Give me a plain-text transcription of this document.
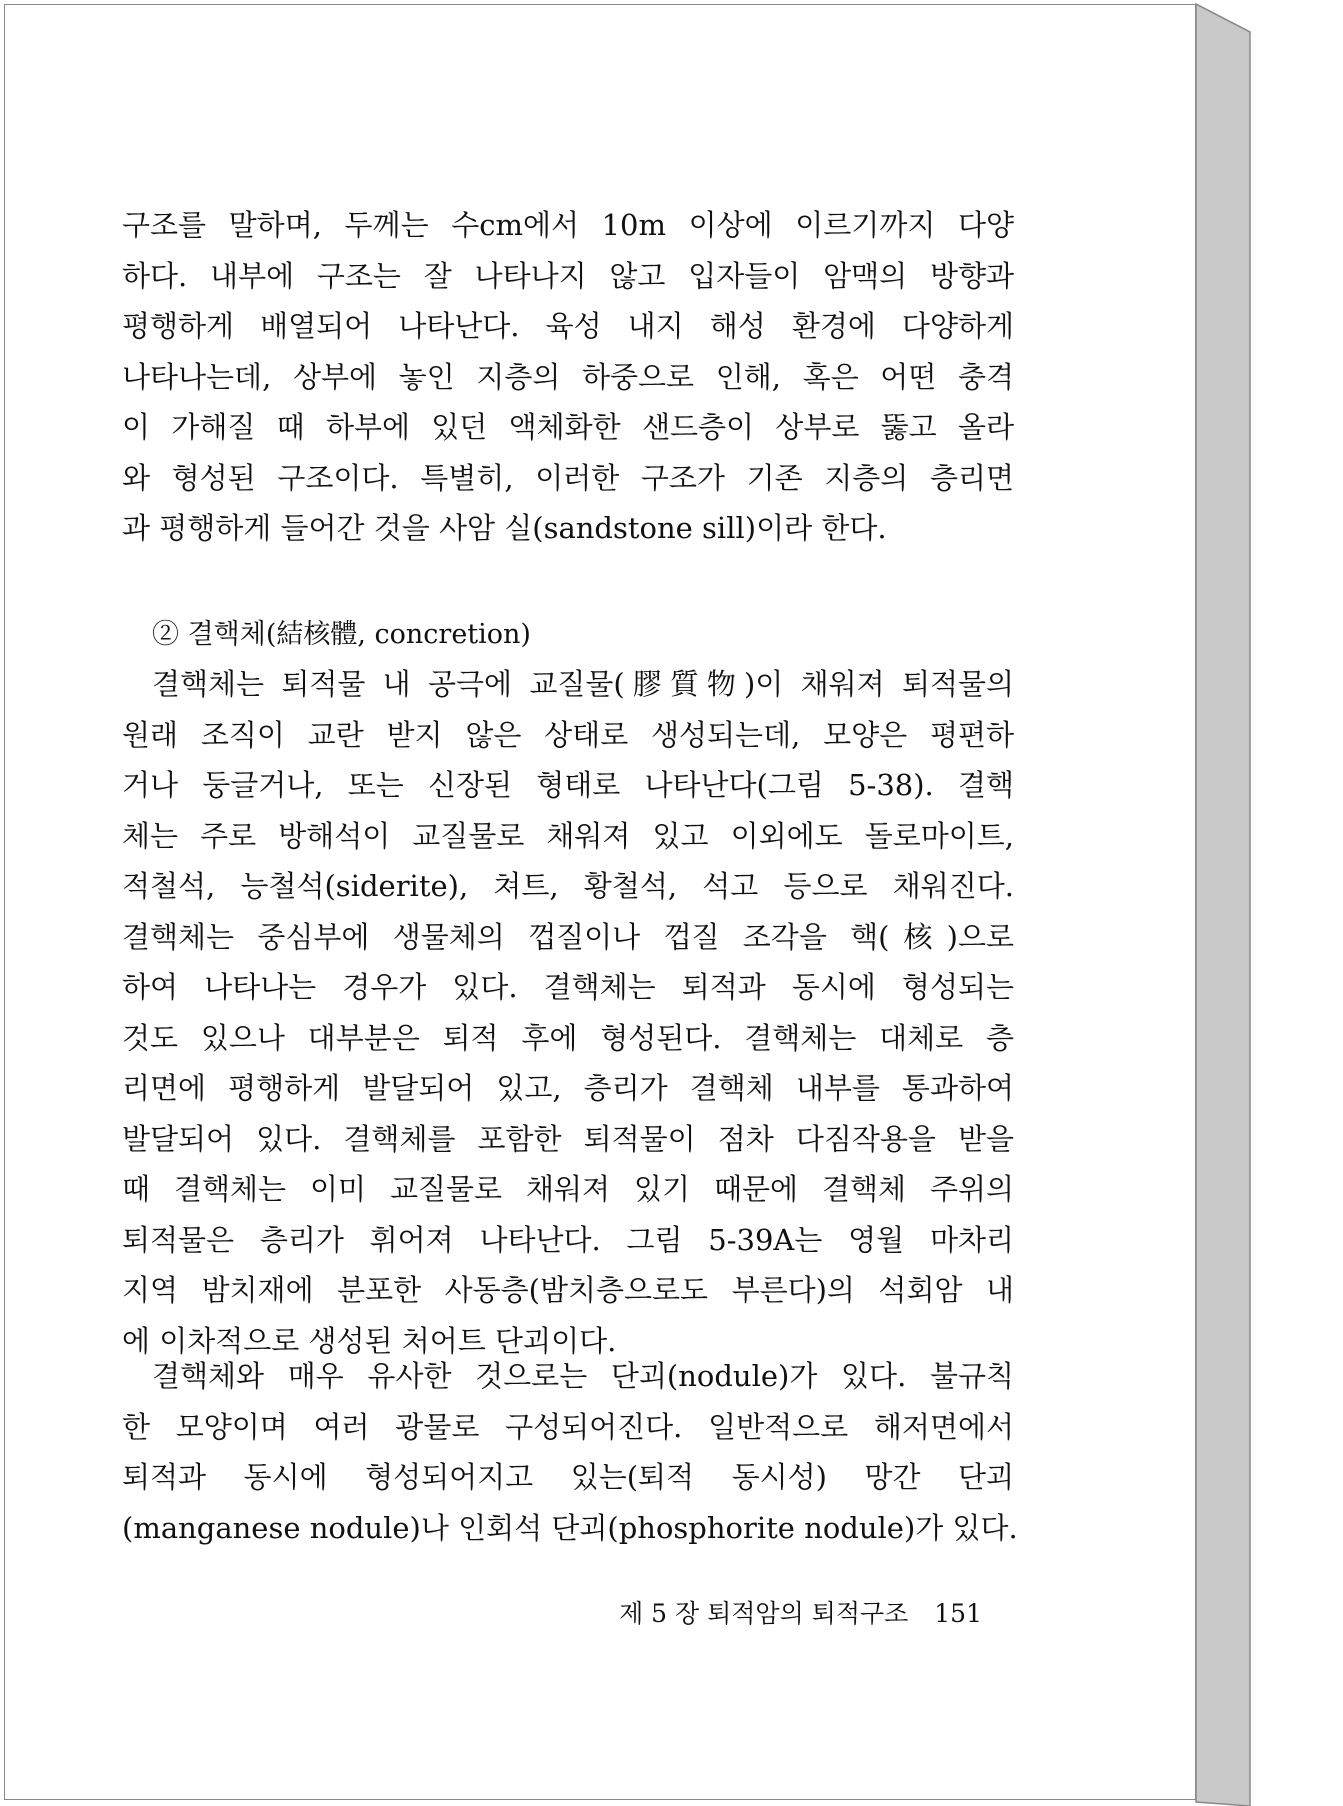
구조를 말하며, 두께는 수cm에서 10m 이상에 이르기까지 다양
하다. 내부에 구조는 잘 나타나지 않고 입자들이 암맥의 방향과
평행하게 배열되어 나타난다. 육성 내지 해성 환경에 다양하게
나타나는데, 상부에 놓인 지층의 하중으로 인해, 혹은 어떤 충격
이 가해질 때 하부에 있던 액체화한 샌드층이 상부로 뚫고 올라
와 형성된 구조이다. 특별히, 이러한 구조가 기존 지층의 층리면
과 평행하게 들어간 것을 사암 실(sandstone sill)이라 한다.
② 결핵체(結核體, concretion)
결핵체는 퇴적물 내 공극에 교질물(膠質物)이 채워져 퇴적물의
원래 조직이 교란 받지 않은 상태로 생성되는데, 모양은 평편하
거나 둥글거나, 또는 신장된 형태로 나타난다(그림 5-38). 결핵
체는 주로 방해석이 교질물로 채워져 있고 이외에도 돌로마이트,
적철석, 능철석(siderite), 쳐트, 황철석, 석고 등으로 채워진다.
결핵체는 중심부에 생물체의 껍질이나 껍질 조각을 핵(核)으로
하여 나타나는 경우가 있다. 결핵체는 퇴적과 동시에 형성되는
것도 있으나 대부분은 퇴적 후에 형성된다. 결핵체는 대체로 층
리면에 평행하게 발달되어 있고, 층리가 결핵체 내부를 통과하여
발달되어 있다. 결핵체를 포함한 퇴적물이 점차 다짐작용을 받을
때 결핵체는 이미 교질물로 채워져 있기 때문에 결핵체 주위의
퇴적물은 층리가 휘어져 나타난다. 그림 5-39A는 영월 마차리
지역 밤치재에 분포한 사동층(밤치층으로도 부른다)의 석회암 내
에 이차적으로 생성된 처어트 단괴이다.
결핵체와 매우 유사한 것으로는 단괴(nodule)가 있다. 불규칙
한 모양이며 여러 광물로 구성되어진다. 일반적으로 해저면에서
퇴적과 동시에 형성되어지고 있는(퇴적 동시성) 망간 단괴
(manganese nodule)나 인회석 단괴(phosphorite nodule)가 있다.
제 5 장 퇴적암의 퇴적구조 151
